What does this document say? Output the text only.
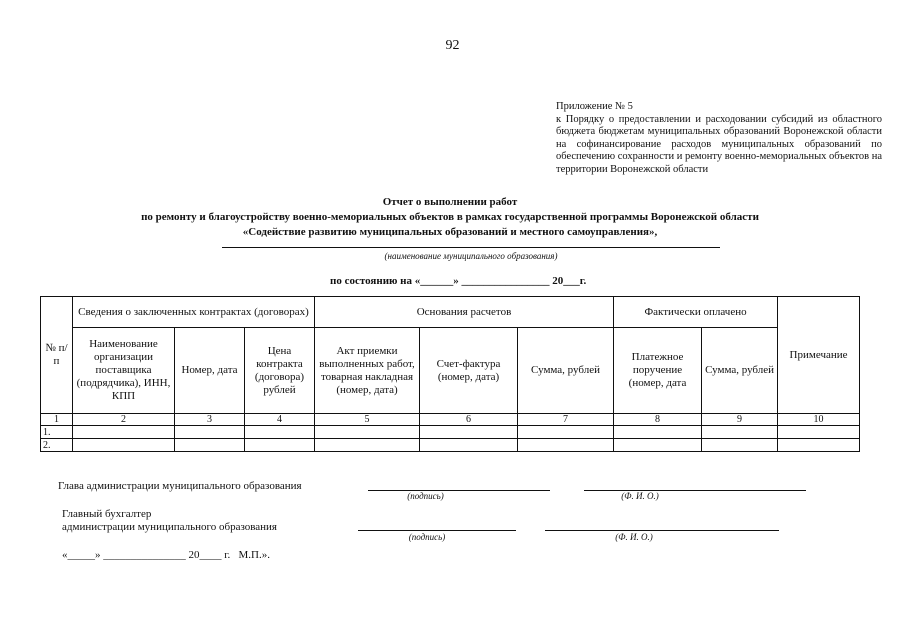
92
Приложение № 5
к Порядку о предоставлении и расходовании субсидий из областного бюджета бюджетам муниципальных образований Воронежской области на софинансирование расходов муниципальных образований по обеспечению сохранности и ремонту военно-мемориальных объектов на территории Воронежской области
Отчет о выполнении работ
по ремонту и благоустройству военно-мемориальных объектов в рамках государственной программы Воронежской области
«Содействие развитию муниципальных образований и местного самоуправления»,
(наименование муниципального образования)
по состоянию на «______» ________________ 20___г.
№ п/п	Сведения о заключенных контрактах (договорах)			Основания расчетов			Фактически оплачено		Примечание
	Наименование организации поставщика (подрядчика), ИНН, КПП	Номер, дата	Цена контракта (договора) рублей	Акт приемки выполненных работ, товарная накладная (номер, дата)	Счет-фактура (номер, дата)	Сумма, рублей	Платежное поручение (номер, дата	Сумма, рублей	
1	2	3	4	5	6	7	8	9	10
1.									
2.									
Глава администрации муниципального образования
(подпись)	(Ф. И. О.)
Главный бухгалтер
администрации муниципального образования
(подпись)	(Ф. И. О.)
«_____» _______________ 20____ г.   М.П.».
